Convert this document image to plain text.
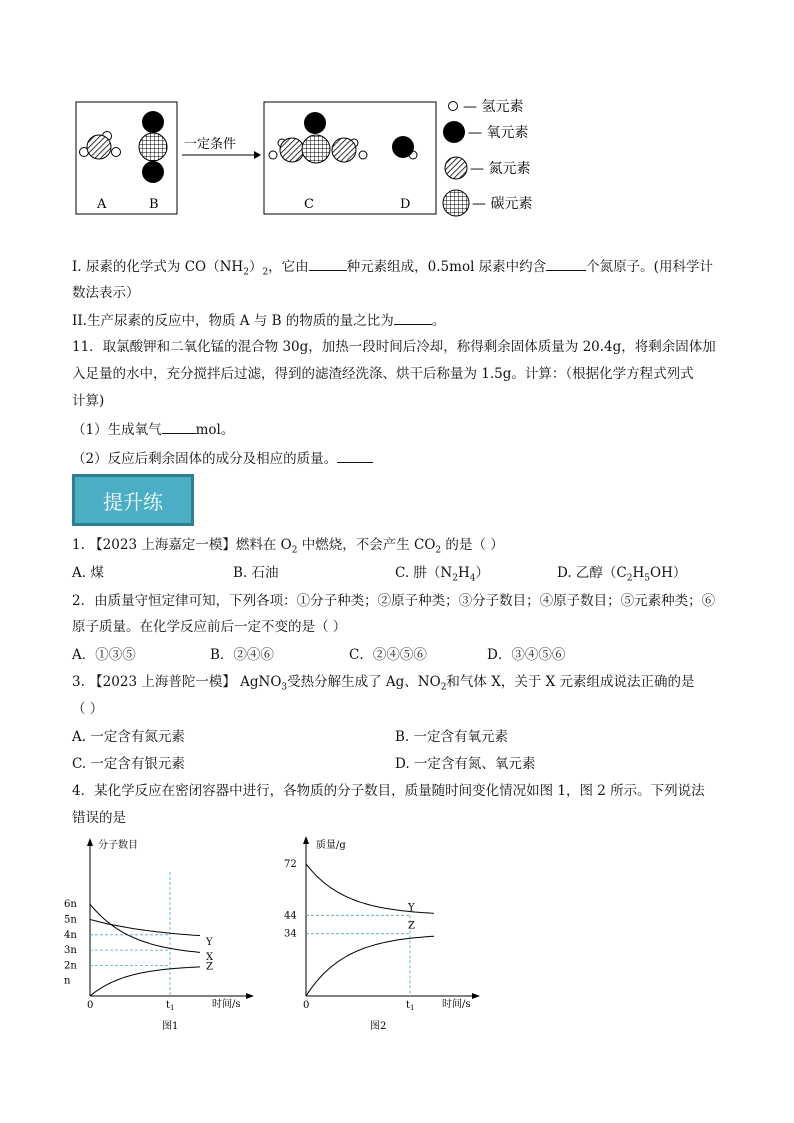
A	B
一定条件
C	D
— 氢元素
— 氧元素
— 氮元素
— 碳元素
I. 尿素的化学式为 $CO(NH_2)_2$，它由	种元素组成，0.5mol 尿素中约含	个氮原子。(用科学计
数法表示）
II.生产尿素的反应中，物质 A 与 B 的物质的量之比为	。
11．取氯酸钾和二氧化锰的混合物 30g，加热一段时间后冷却，称得剩余固体质量为 20.4g，将剩余固体加
入足量的水中，充分搅拌后过滤，得到的滤渣经洗涤、烘干后称量为 1.5g。计算：（根据化学方程式列式
计算)
（1）生成氧气	mol。
（2）反应后剩余固体的成分及相应的质量。
提升练
1. 【2023 上海嘉定一模】燃料在 $O_2$ 中燃烧，不会产生 $CO_2$ 的是（ ）
A. 煤	B. 石油	C. 肼$(N_2H_4)$	D. 乙醇$(C_2H_5OH)$
2．由质量守恒定律可知，下列各项：①分子种类；②原子种类；③分子数目；④原子数目；⑤元素种类；⑥
原子质量。在化学反应前后一定不变的是（ ）
A．①③⑤	B．②④⑥	C．②④⑤⑥	D．③④⑤⑥
3. 【2023 上海普陀一模】 AgNO$_3$受热分解生成了 Ag、$NO_2$和气体 X，关于 X 元素组成说法正确的是
（ ）
A. 一定含有氮元素	B. 一定含有氧元素
C. 一定含有银元素	D. 一定含有氮、氧元素
4．某化学反应在密闭容器中进行，各物质的分子数目，质量随时间变化情况如图 1，图 2 所示。下列说法
错误的是
分子数目
时间/s
0
6n
5n
4n
3n
2n
n
$t_1$
Y
X
Z
图1
质量/g
时间/s
0
72
44
34
$t_1$
Y
Z
图2
